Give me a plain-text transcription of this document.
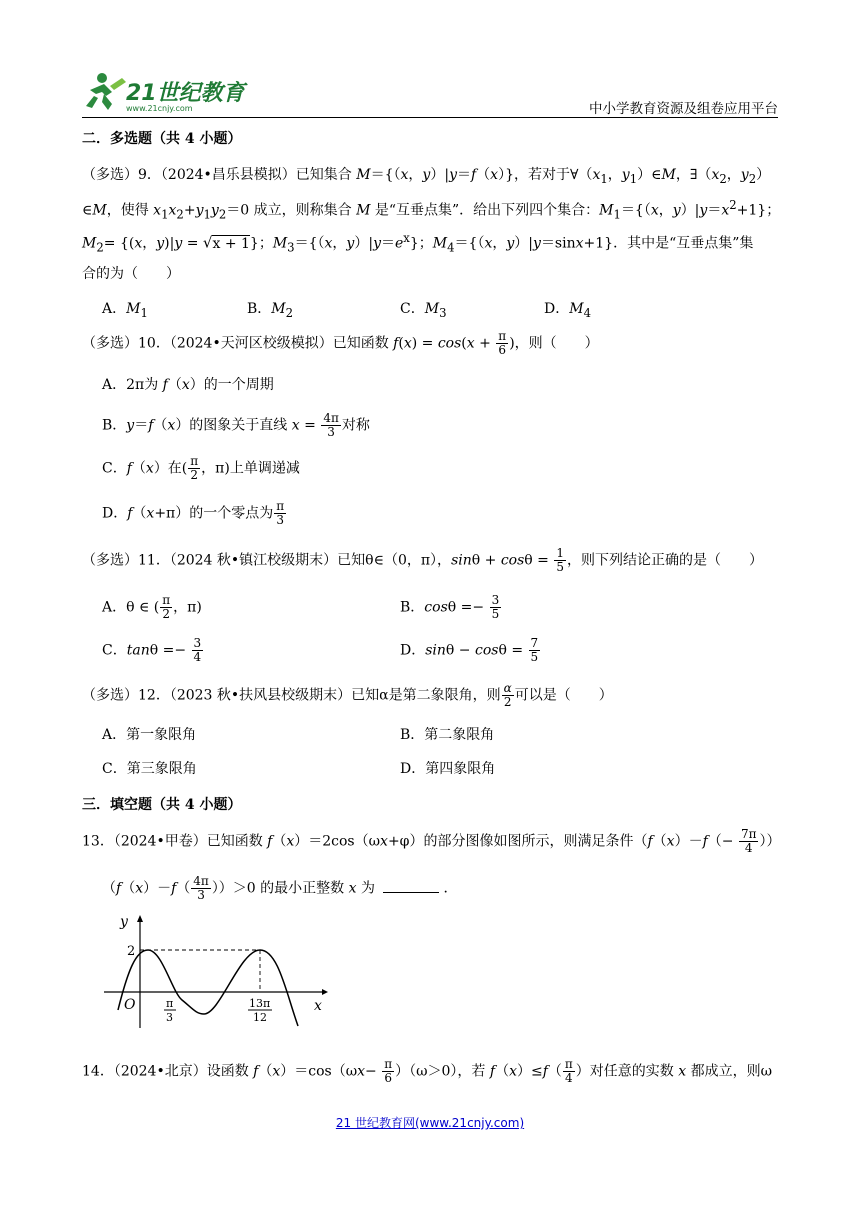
21世纪教育
www.21cnjy.com	中小学教育资源及组卷应用平台
二．多选题（共 4 小题）
（多选）9．（2024•昌乐县模拟）已知集合 M＝{（x，y）|y＝f（x）}，若对于$\forall(x_1$，$y_1)\in M$，$\exists(x_2$，$y_2$）
∈M，使得 $x_1x_2+y_1y_2=0$ 成立，则称集合 M 是“互垂点集”．给出下列四个集合：$M_1=\{(x$，$y)|y=x^2+1$}；
$M_2= \{(x$，y)|y = √x + 1}；$M_3=\{(x$，$y)|y=e^x$}；$M_4=\{(x$，y）|y＝sinx+1}．其中是“互垂点集”集
合的为（　　）
A．$M_1$	B．$M_2$	C．$M_3$	D．$M_4$
（多选）10．（2024•天河区校级模拟）已知函数 $f(x) = \cos(x + \frac{\pi}{6}$ )，则（　　）
A．2π为 f（x）的一个周期
B．y＝f（x）的图象关于直线 $x = \frac{4\pi}{3}$ 对称
C．f（x）在( $\frac{\pi}{2}$ ，π)上单调递减
D．f（x+π）的一个零点为 $\frac{\pi}{3}$
（多选）11．（2024 秋•镇江校级期末）已知θ∈（0，π），$\sin\theta + \cos\theta = \frac{1}{5}$ ，则下列结论正确的是（　　）
A．θ ∈ ( $\frac{\pi}{2}$ ，π)	B．$\cos\theta =- \frac{3}{5}$
C．$\tan\theta =- \frac{3}{4}$	D．$\sin\theta - \cos\theta = \frac{7}{5}$
（多选）12．（2023 秋•扶风县校级期末）已知α是第二象限角，则 $\frac{\alpha}{2}$ 可以是（　　）
A．第一象限角	B．第二象限角
C．第三象限角	D．第四象限角
三．填空题（共 4 小题）
13．（2024•甲卷）已知函数 f（x）＝2cos（ωx+φ）的部分图像如图所示，则满足条件（$f(x)-f(- \frac{7\pi}{4}$ ））
$(f(x)-f( \frac{4\pi}{3} ))>0$ 的最小正整数 x 为	．
y
x
O
2
π
3
13π
12
14．（2024•北京）设函数 $f(x)=\cos(\omega x- \frac{\pi}{6} )(\omega>0)$，若 $f(x)\le f( \frac{\pi}{4}$ ）对任意的实数 x 都成立，则ω
21 世纪教育网(www.21cnjy.com)
